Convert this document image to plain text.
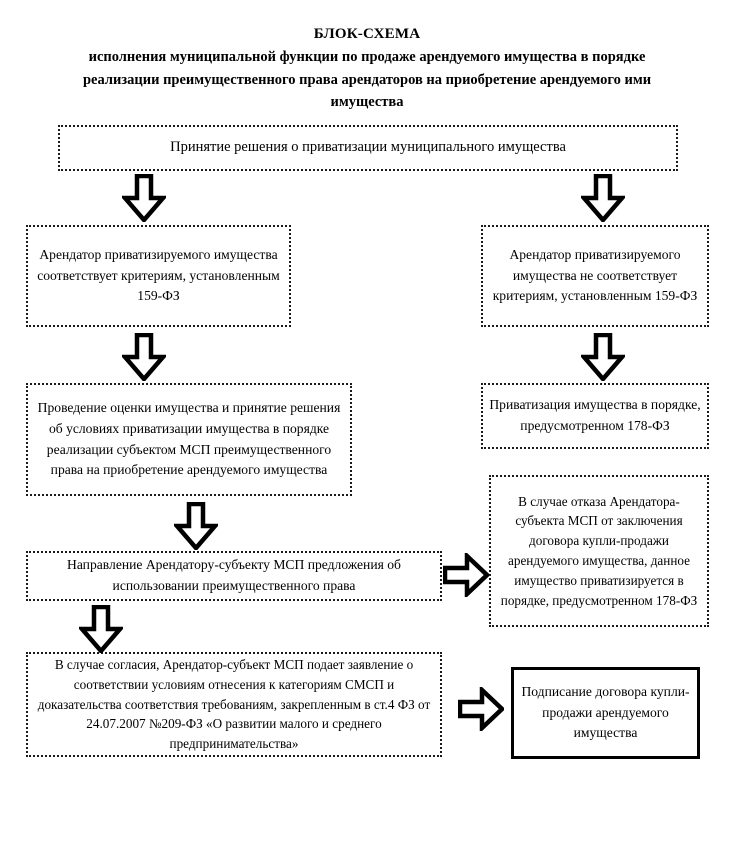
БЛОК-СХЕМА
исполнения муниципальной функции по продаже арендуемого имущества в порядке реализации преимущественного права арендаторов на приобретение арендуемого ими имущества
Принятие решения о приватизации муниципального имущества
Арендатор приватизируемого имущества соответствует критериям, установленным 159-ФЗ
Арендатор приватизируемого имущества не соответствует критериям, установленным 159-ФЗ
Проведение оценки имущества и принятие решения об условиях приватизации имущества в порядке реализации субъектом МСП преимущественного права на приобретение арендуемого имущества
Приватизация имущества в порядке, предусмотренном 178-ФЗ
В случае отказа Арендатора-субъекта МСП от заключения договора купли-продажи арендуемого имущества, данное имущество приватизируется в порядке, предусмотренном 178-ФЗ
Направление Арендатору-субъекту МСП предложения об использовании преимущественного права
В случае согласия, Арендатор-субъект МСП подает заявление о соответствии условиям отнесения к категориям СМСП и доказательства соответствия требованиям, закрепленным в ст.4 ФЗ от 24.07.2007 №209-ФЗ «О развитии малого и среднего предпринимательства»
Подписание договора купли-продажи арендуемого имущества
